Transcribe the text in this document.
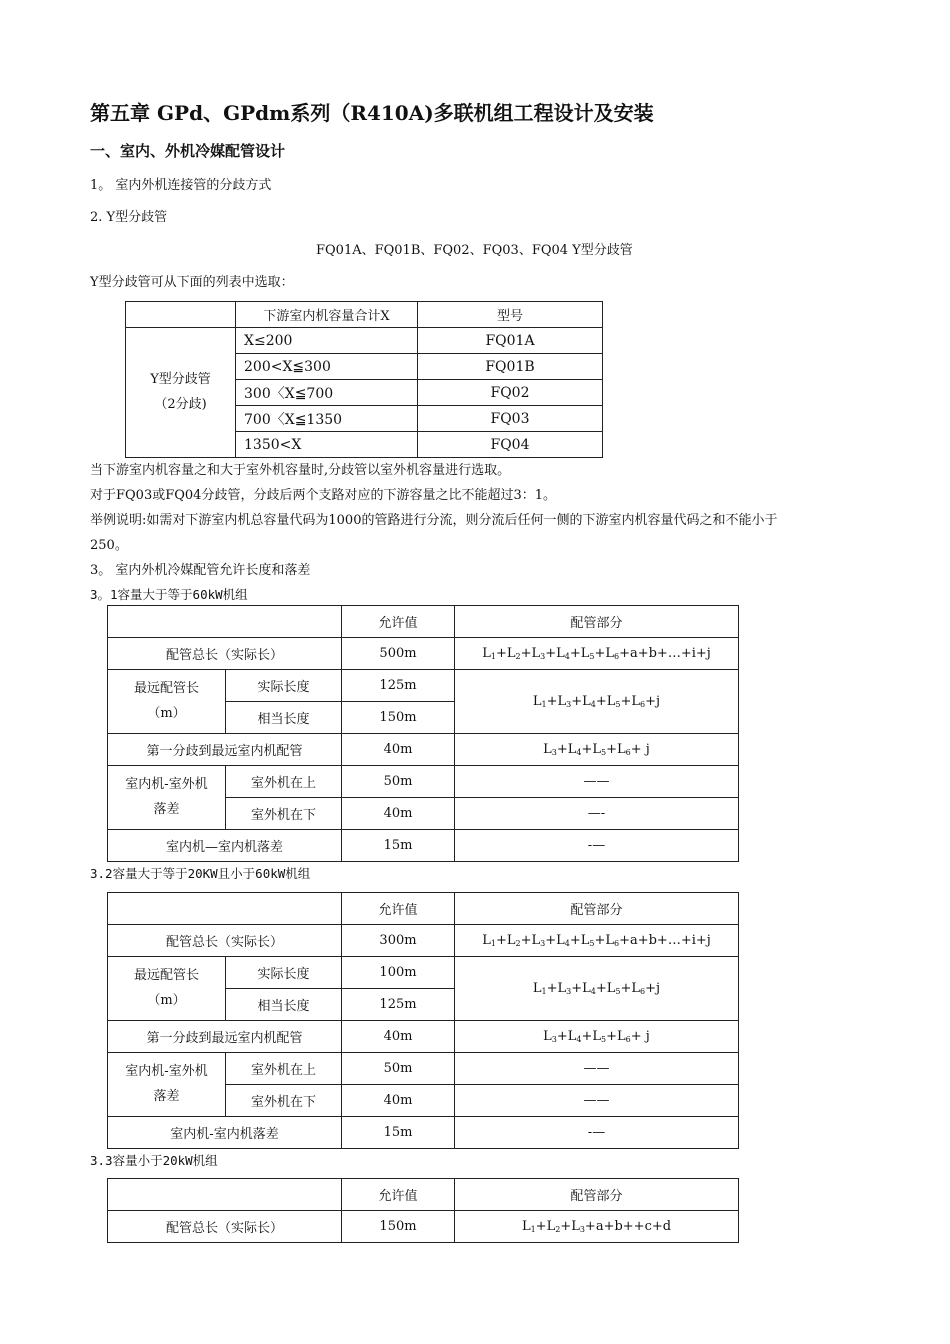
第五章 GPd、GPdm系列（R410A)多联机组工程设计及安装
一、室内、外机冷媒配管设计
1。 室内外机连接管的分歧方式
2. Y型分歧管
FQ01A、FQ01B、FQ02、FQ03、FQ04 Y型分歧管
Y型分歧管可从下面的列表中选取：
	下游室内机容量合计X	型号

Y型分歧管
（2分歧)	X≤200	FQ01A
	200<X≦300	FQ01B
	300〈X≦700	FQ02
	700〈X≦1350	FQ03
	1350<X	FQ04
当下游室内机容量之和大于室外机容量时,分歧管以室外机容量进行选取。
对于FQ03或FQ04分歧管，分歧后两个支路对应的下游容量之比不能超过3：1。
举例说明:如需对下游室内机总容量代码为1000的管路进行分流，则分流后任何一侧的下游室内机容量代码之和不能小于
250。
3。 室内外机冷媒配管允许长度和落差
3。1容量大于等于60kW机组
		允许值	配管部分
配管总长（实际长）		500m	$L_1+L_2+L_3+L_4+L_5+L_6+a+b+\dots+i+j$

最远配管长
（m）	实际长度	125m	$L_1+L_3+L_4+L_5+L_6+j$
	相当长度	150m	
第一分歧到最远室内机配管		40m	$L_3+L_4+L_5+L_6+ j$

室内机-室外机
落差	室外机在上	50m	——
	室外机在下	40m	—-
室内机—室内机落差		15m	-—
3.2容量大于等于20KW且小于60kW机组
		允许值	配管部分
配管总长（实际长）		300m	$L_1+L_2+L_3+L_4+L_5+L_6+a+b+\dots+i+j$

最远配管长
（m）	实际长度	100m	$L_1+L_3+L_4+L_5+L_6+j$
	相当长度	125m	
第一分歧到最远室内机配管		40m	$L_3+L_4+L_5+L_6+ j$

室内机-室外机
落差	室外机在上	50m	——
	室外机在下	40m	——
室内机-室内机落差		15m	-—
3.3容量小于20kW机组
	允许值	配管部分
配管总长（实际长）	150m	$L_1+L_2+L_3+a+b++c+d$
